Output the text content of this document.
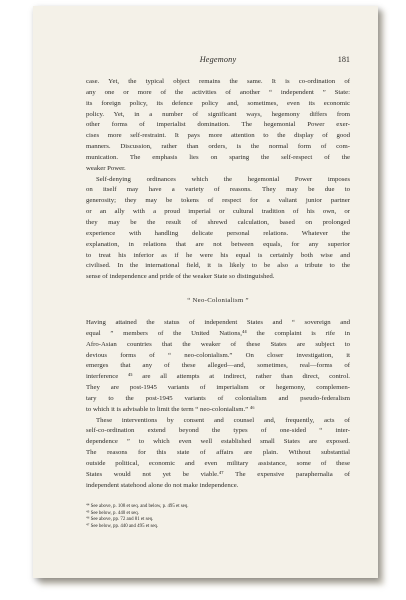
Hegemony	181
case. Yet, the typical object remains the same. It is co-ordination of
any one or more of the activities of another “ independent ” State:
its foreign policy, its defence policy and, sometimes, even its economic
policy. Yet, in a number of significant ways, hegemony differs from
other forms of imperialist domination. The hegemonial Power exer-
cises more self-restraint. It pays more attention to the display of good
manners. Discussion, rather than orders, is the normal form of com-
munication. The emphasis lies on sparing the self-respect of the
weaker Power.
Self-denying ordinances which the hegemonial Power imposes
on itself may have a variety of reasons. They may be due to
generosity; they may be tokens of respect for a valiant junior partner
or an ally with a proud imperial or cultural tradition of his own, or
they may be the result of shrewd calculation, based on prolonged
experience with handling delicate personal relations. Whatever the
explanation, in relations that are not between equals, for any superior
to treat his inferior as if he were his equal is certainly both wise and
civilised. In the international field, it is likely to be also a tribute to the
sense of independence and pride of the weaker State so distinguished.
“ Neo-Colonialism ”
Having attained the status of independent States and “ sovereign and
equal ” members of the United Nations,⁴⁴ the complaint is rife in
Afro-Asian countries that the weaker of these States are subject to
devious forms of “ neo-colonialism.” On closer investigation, it
emerges that any of these alleged—and, sometimes, real—forms of
interference ⁴⁵ are all attempts at indirect, rather than direct, control.
They are post-1945 variants of imperialism or hegemony, complemen-
tary to the post-1945 variants of colonialism and pseudo-federalism
to which it is advisable to limit the term “ neo-colonialism.” ⁴⁶
These interventions by consent and counsel and, frequently, acts of
self-co-ordination extend beyond the types of one-sided “ inter-
dependence ” to which even well established small States are exposed.
The reasons for this state of affairs are plain. Without substantial
outside political, economic and even military assistance, some of these
States would not yet be viable.⁴⁷ The expensive paraphernalia of
independent statehood alone do not make independence.
⁴⁴ See above, p. 108 et seq. and below, p. 495 et seq.
⁴⁵ See below, p. 440 et seq.
⁴⁶ See above, pp. 72 and 81 et seq.
⁴⁷ See below, pp. 440 and 495 et seq.
